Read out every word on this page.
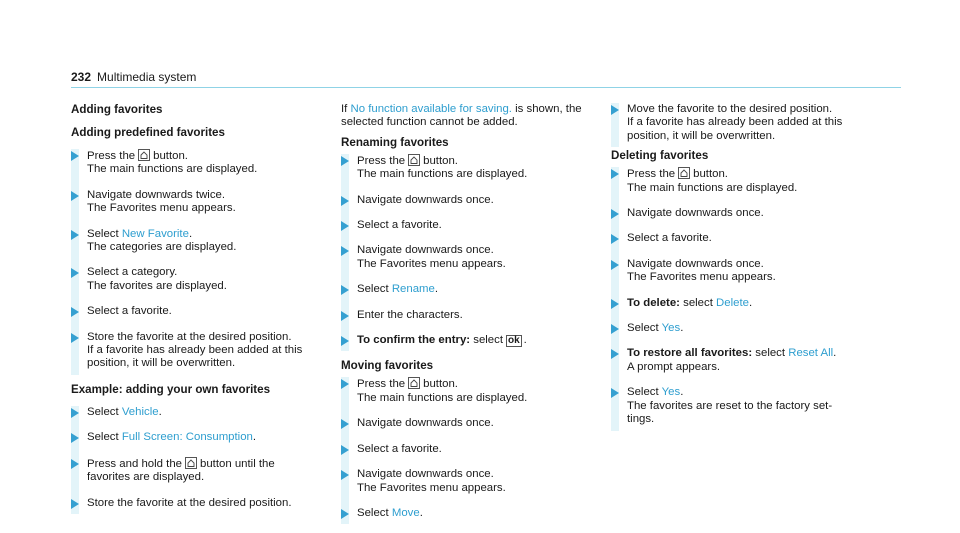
232 Multimedia system
Adding favorites
Adding predefined favorites
Press the button.
The main functions are displayed.
Navigate downwards twice.
The Favorites menu appears.
Select New Favorite.
The categories are displayed.
Select a category.
The favorites are displayed.
Select a favorite.
Store the favorite at the desired position.
If a favorite has already been added at this
position, it will be overwritten.
Example: adding your own favorites
Select Vehicle.
Select Full Screen: Consumption.
Press and hold the button until the
favorites are displayed.
Store the favorite at the desired position.
If No function available for saving. is shown, the
selected function cannot be added.
Renaming favorites
Press the button.
The main functions are displayed.
Navigate downwards once.
Select a favorite.
Navigate downwards once.
The Favorites menu appears.
Select Rename.
Enter the characters.
To confirm the entry: select ok .
Moving favorites
Press the button.
The main functions are displayed.
Navigate downwards once.
Select a favorite.
Navigate downwards once.
The Favorites menu appears.
Select Move.
Move the favorite to the desired position.
If a favorite has already been added at this
position, it will be overwritten.
Deleting favorites
Press the button.
The main functions are displayed.
Navigate downwards once.
Select a favorite.
Navigate downwards once.
The Favorites menu appears.
To delete: select Delete.
Select Yes.
To restore all favorites: select Reset All.
A prompt appears.
Select Yes.
The favorites are reset to the factory set-
tings.
